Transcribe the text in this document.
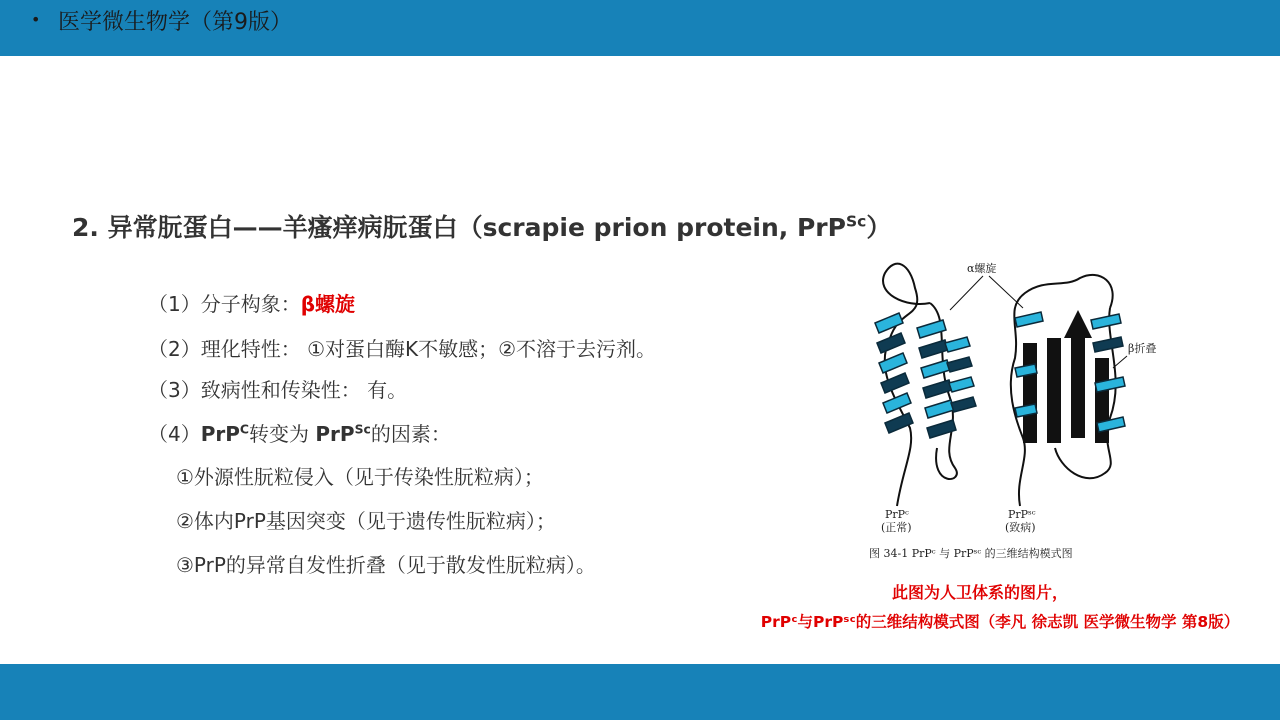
• 医学微生物学（第9版）
2. 异常朊蛋白——羊瘙痒病朊蛋白（scrapie prion protein, PrP$^{Sc}$）
（1）分子构象：β螺旋
（2）理化特性： ①对蛋白酶K不敏感；②不溶于去污剂。
（3）致病性和传染性： 有。
（4）PrP$^C$转变为 PrP$^{Sc}$的因素：
①外源性朊粒侵入（见于传染性朊粒病）；
②体内PrP基因突变（见于遗传性朊粒病）；
③PrP的异常自发性折叠（见于散发性朊粒病）。
α螺旋
β折叠
PrPᶜ
(正常)
PrPˢᶜ
(致病)
图 34-1 PrPᶜ 与 PrPˢᶜ 的三维结构模式图
此图为人卫体系的图片，
PrPᶜ与PrPˢᶜ的三维结构模式图（李凡 徐志凯 医学微生物学 第8版）
